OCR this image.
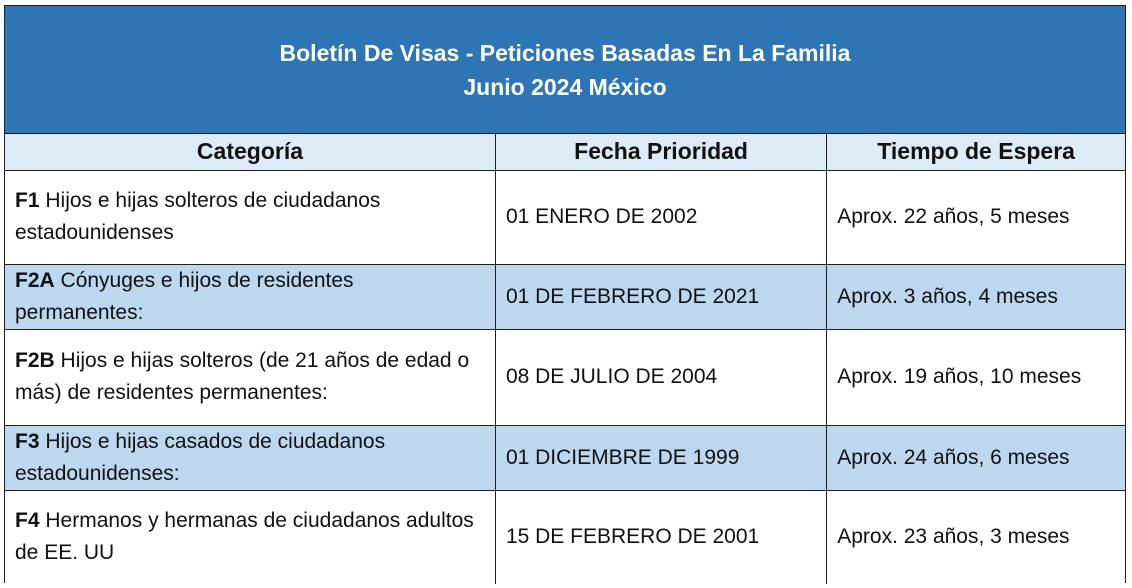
Boletín De Visas - Peticiones Basadas En La Familia
Junio 2024 México
Categoría	Fecha Prioridad	Tiempo de Espera
F1 Hijos e hijas solteros de ciudadanos estadounidenses	01 ENERO DE 2002	Aprox. 22 años, 5 meses
F2A Cónyuges e hijos de residentes permanentes:	01 DE FEBRERO DE 2021	Aprox. 3 años, 4 meses
F2B Hijos e hijas solteros (de 21 años de edad o más) de residentes permanentes:	08 DE JULIO DE 2004	Aprox. 19 años, 10 meses
F3 Hijos e hijas casados de ciudadanos estadounidenses:	01 DICIEMBRE DE 1999	Aprox. 24 años, 6 meses
F4 Hermanos y hermanas de ciudadanos adultos de EE. UU	15 DE FEBRERO DE 2001	Aprox. 23 años, 3 meses
